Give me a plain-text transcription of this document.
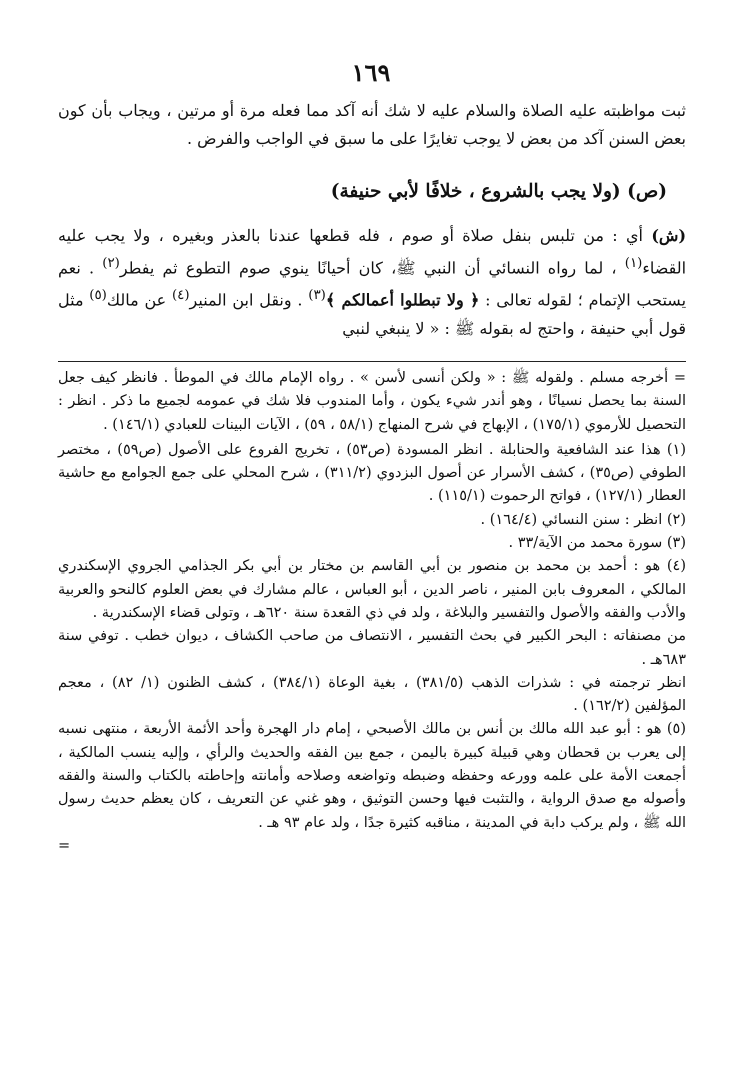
١٦٩
ثبت مواظبته عليه الصلاة والسلام عليه لا شك أنه آكد مما فعله مرة أو مرتين ، ويجاب بأن كون بعض السنن آكد من بعض لا يوجب تغايرًا على ما سبق في الواجب والفرض .
(ص) (ولا يجب بالشروع ، خلافًا لأبي حنيفة)
(ش) أي : من تلبس بنفل صلاة أو صوم ، فله قطعها عندنا بالعذر وبغيره ، ولا يجب عليه القضاء$^{(١)}$ ، لما رواه النسائي أن النبي ﷺ، كان أحيانًا ينوي صوم التطوع ثم يفطر$^{(٢)}$ . نعم يستحب الإتمام ؛ لقوله تعالى : ﴿ ولا تبطلوا أعمالكم ﴾$^{(٣)}$ . ونقل ابن المنير$^{(٤)}$ عن مالك$^{(٥)}$ مثل قول أبي حنيفة ، واحتج له بقوله ﷺ : « لا ينبغي لنبي

= أخرجه مسلم . ولقوله ﷺ : « ولكن أنسى لأسن » . رواه الإمام مالك في الموطأ . فانظر كيف جعل السنة بما يحصل نسيانًا ، وهو أندر شيء يكون ، وأما المندوب فلا شك في عمومه لجميع ما ذكر . انظر : التحصيل للأرموي (١٧٥/١) ، الإبهاج في شرح المنهاج (٥٨/١ ، ٥٩) ، الآيات البينات للعبادي (١٤٦/١) .

(١) هذا عند الشافعية والحنابلة . انظر المسودة (ص٥٣) ، تخريج الفروع على الأصول (ص٥٩) ، مختصر الطوفي (ص٣٥) ، كشف الأسرار عن أصول البزدوي (٣١١/٢) ، شرح المحلي على جمع الجوامع مع حاشية العطار (١٢٧/١) ، فواتح الرحموت (١١٥/١) .

(٢) انظر : سنن النسائي (١٦٤/٤) .

(٣) سورة محمد من الآية/٣٣ .

(٤) هو : أحمد بن محمد بن منصور بن أبي القاسم بن مختار بن أبي بكر الجذامي الجروي الإسكندري المالكي ، المعروف بابن المنير ، ناصر الدين ، أبو العباس ، عالم مشارك في بعض العلوم كالنحو والعربية والأدب والفقه والأصول والتفسير والبلاغة ، ولد في ذي القعدة سنة ٦٢٠هـ ، وتولى قضاء الإسكندرية .

من مصنفاته : البحر الكبير في بحث التفسير ، الانتصاف من صاحب الكشاف ، ديوان خطب . توفي سنة ٦٨٣هـ .

انظر ترجمته في : شذرات الذهب (٣٨١/٥) ، بغية الوعاة (٣٨٤/١) ، كشف الظنون (١/ ٨٢) ، معجم المؤلفين (١٦٢/٢) .

(٥) هو : أبو عبد الله مالك بن أنس بن مالك الأصبحي ، إمام دار الهجرة وأحد الأئمة الأربعة ، منتهى نسبه إلى يعرب بن قحطان وهي قبيلة كبيرة باليمن ، جمع بين الفقه والحديث والرأي ، وإليه ينسب المالكية ، أجمعت الأمة على علمه وورعه وحفظه وضبطه وتواضعه وصلاحه وأمانته وإحاطته بالكتاب والسنة والفقه وأصوله مع صدق الرواية ، والتثبت فيها وحسن التوثيق ، وهو غني عن التعريف ، كان يعظم حديث رسول الله ﷺ ، ولم يركب دابة في المدينة ، مناقبه كثيرة جدًا ، ولد عام ٩٣ هـ .

=
